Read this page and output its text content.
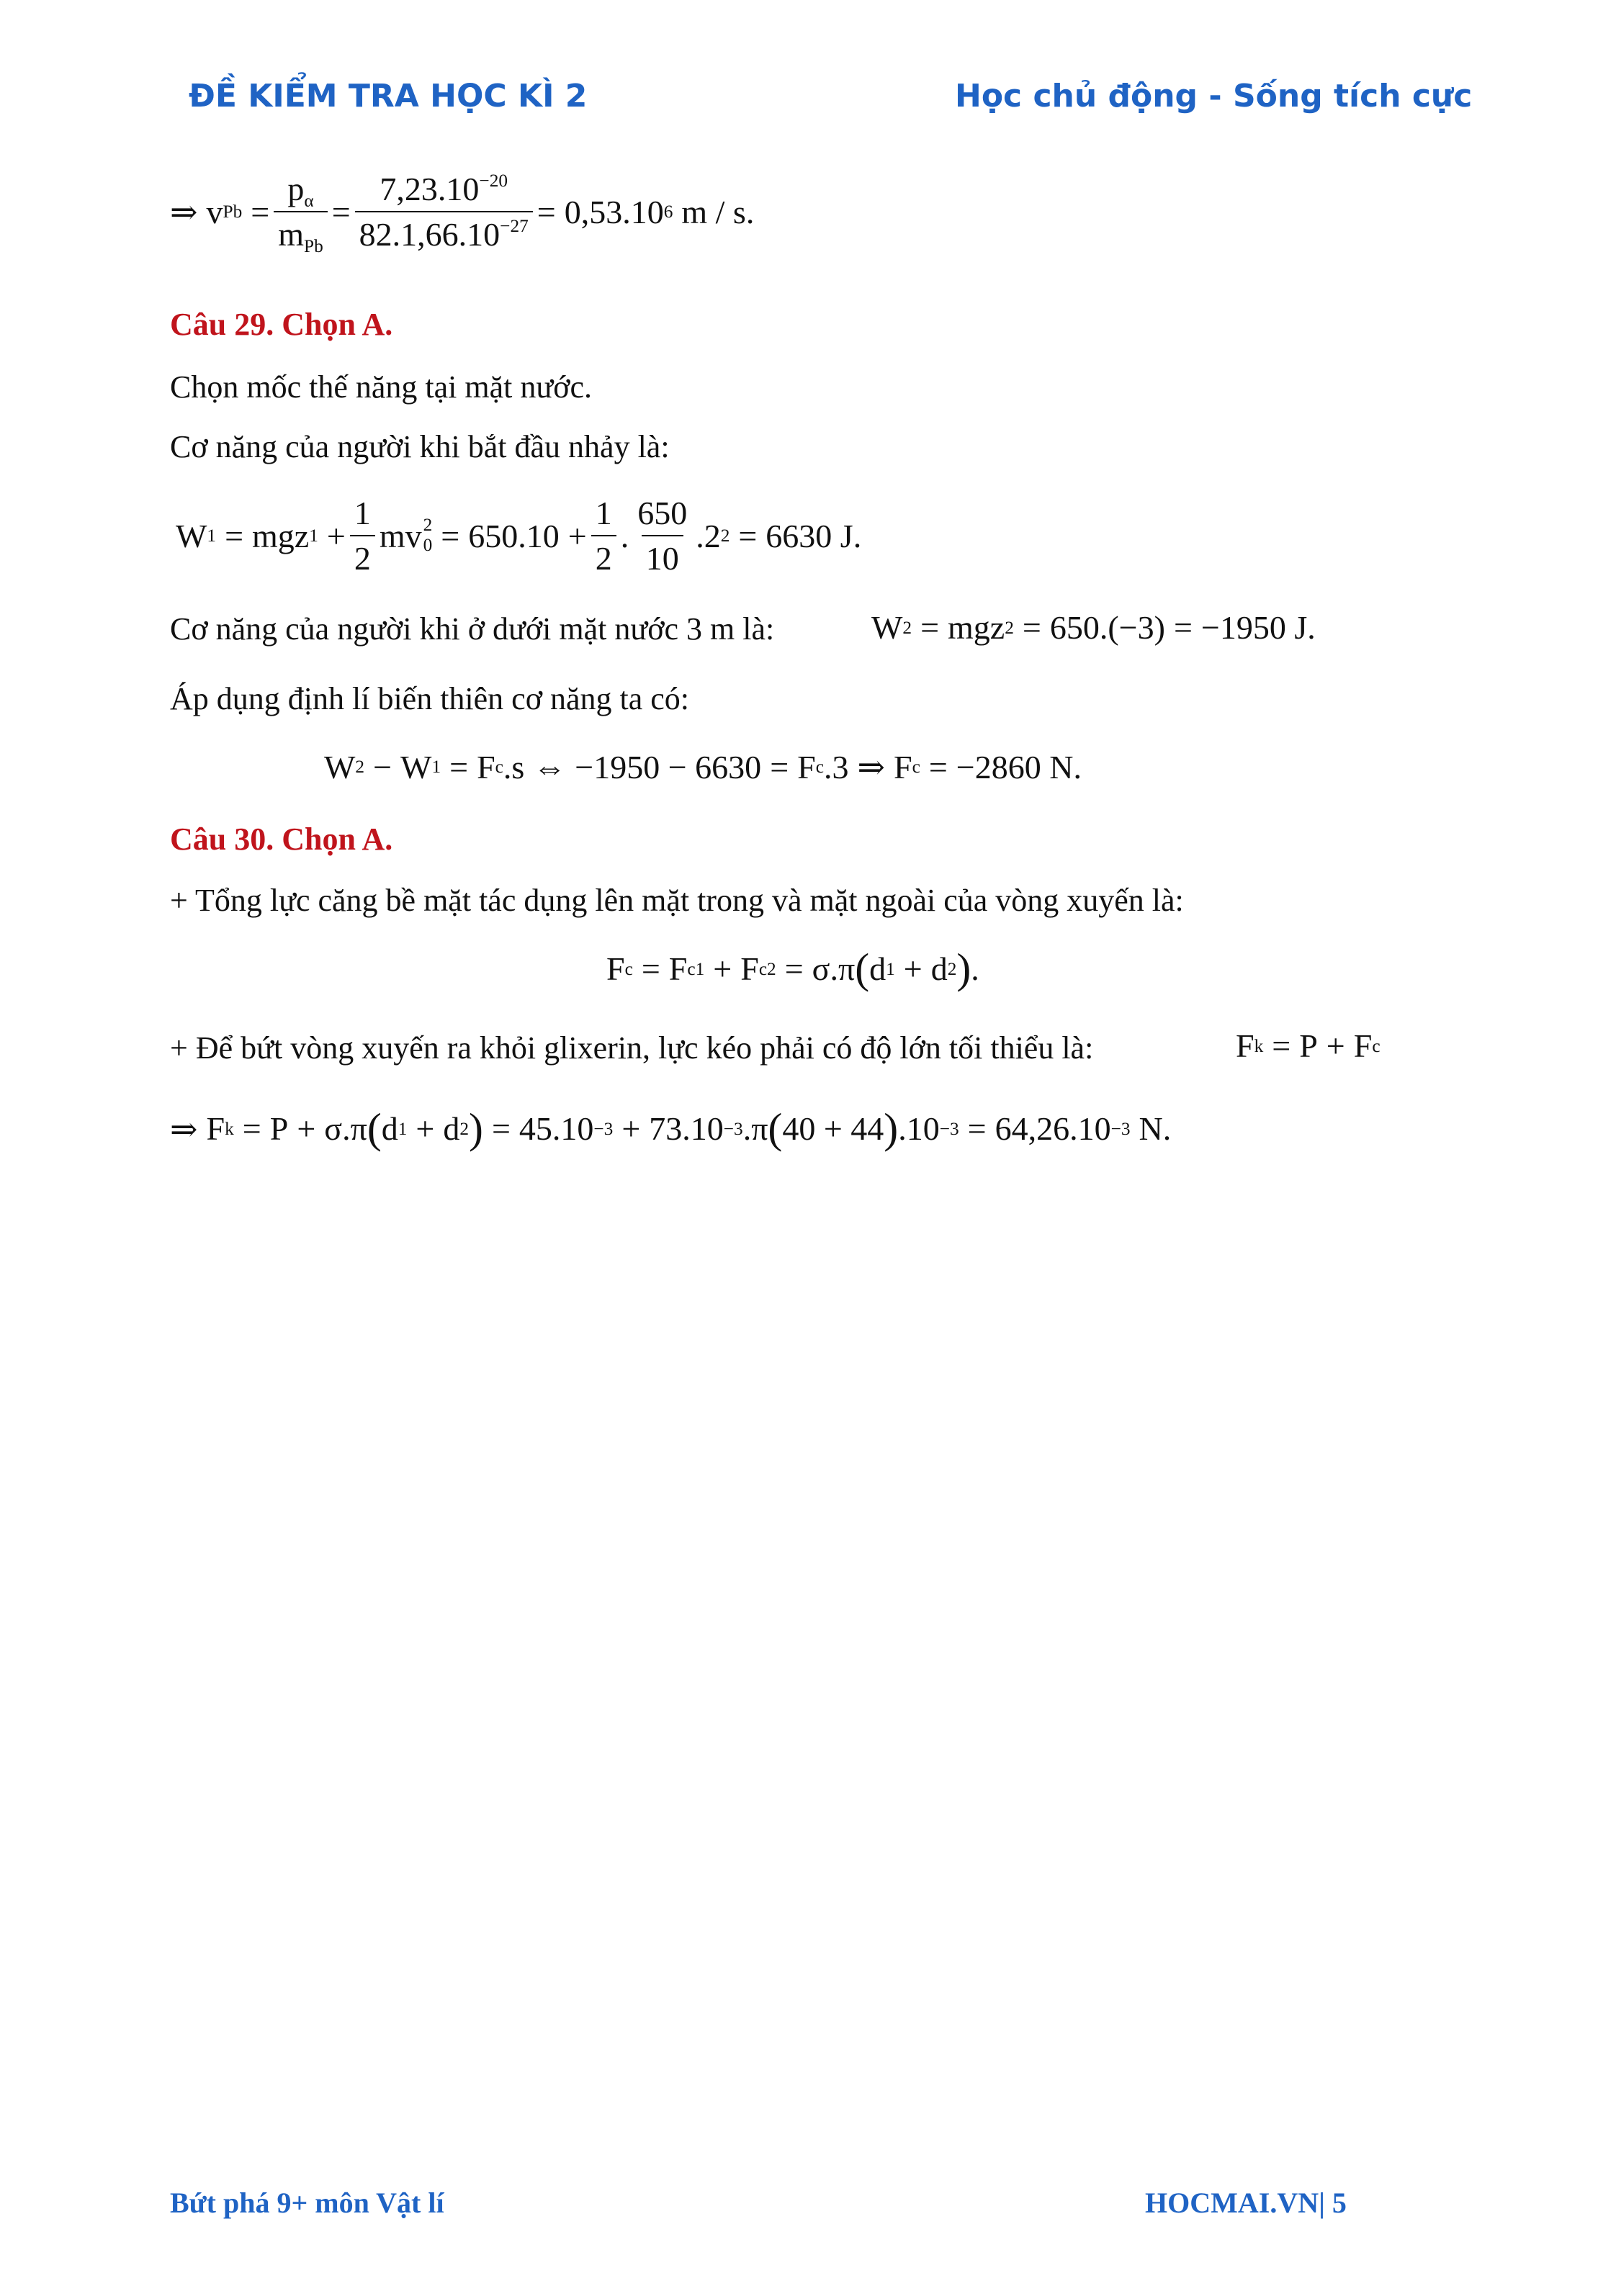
ĐỀ KIỂM TRA HỌC KÌ 2	Học chủ động - Sống tích cực
⇒ v $Pb = \frac{p_\alpha}{m_{Pb}} = \frac{7,23.10^{-20}}{82.1,66.10^{-27}} = 0,53.10$ 6 m / s.
Câu 29. Chọn A.
Chọn mốc thế năng tại mặt nước.
Cơ năng của người khi bắt đầu nhảy là:
W 1 = mgz $1 + \frac{1}{2}$ mv 2
$0 = 650.10 + \frac{1}{2}$ . $\frac{650}{10} .2$ 2 = 6630 J.
Cơ năng của người khi ở dưới mặt nước 3 m là:	W 2 = mgz 2 = 650.(−3) = −1950 J.
Áp dụng định lí biến thiên cơ năng ta có:
W 2 − W 1 = F c .s ⇔ −1950 − 6630 = F c .3 ⇒ F c = −2860 N.
Câu 30. Chọn A.
+ Tổng lực căng bề mặt tác dụng lên mặt trong và mặt ngoài của vòng xuyến là:
F c = F c1 + F c2 = σ.π ( d 1 + d 2 ) .
+ Để bứt vòng xuyến ra khỏi glixerin, lực kéo phải có độ lớn tối thiểu là:	F k = P + F c
⇒ F k = P + σ.π ( d 1 + d 2 ) = 45.10 −3 + 73.10 −3 .π ( 40 + 44 ) .10 −3 = 64,26.10 −3 N.
Bứt phá 9+ môn Vật lí	HOCMAI.VN| 5
